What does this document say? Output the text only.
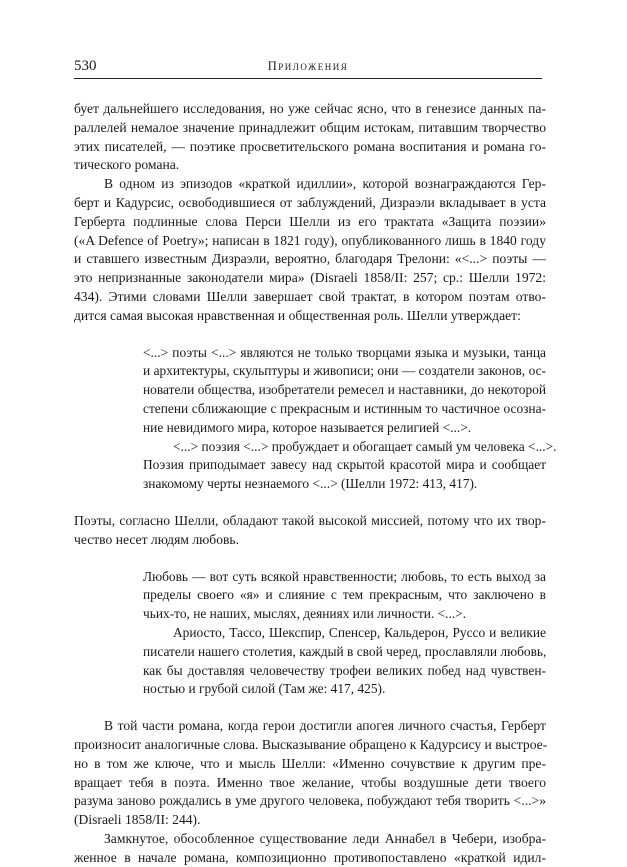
530	Приложения
бует дальнейшего исследования, но уже сейчас ясно, что в генезисе данных па-
раллелей немалое значение принадлежит общим истокам, питавшим творчество
этих писателей, — поэтике просветительского романа воспитания и романа го-
тического романа.
В одном из эпизодов «краткой идиллии», которой вознаграждаются Гер-
берт и Кадурсис, освободившиеся от заблуждений, Дизраэли вкладывает в уста
Герберта подлинные слова Перси Шелли из его трактата «Защита поэзии»
(«A Defence of Poetry»; написан в 1821 году), опубликованного лишь в 1840 году
и ставшего известным Дизраэли, вероятно, благодаря Трелони: «<...> поэты —
это непризнанные законодатели мира» (Disraeli 1858/II: 257; ср.: Шелли 1972:
434). Этими словами Шелли завершает свой трактат, в котором поэтам отво-
дится самая высокая нравственная и общественная роль. Шелли утверждает:
<...> поэты <...> являются не только творцами языка и музыки, танца
и архитектуры, скульптуры и живописи; они — создатели законов, ос-
нователи общества, изобретатели ремесел и наставники, до некоторой
степени сближающие с прекрасным и истинным то частичное осозна-
ние невидимого мира, которое называется религией <...>.
<...> поэзия <...> пробуждает и обогащает самый ум человека <...>.
Поэзия приподымает завесу над скрытой красотой мира и сообщает
знакомому черты незнаемого <...> (Шелли 1972: 413, 417).
Поэты, согласно Шелли, обладают такой высокой миссией, потому что их твор-
чество несет людям любовь.
Любовь — вот суть всякой нравственности; любовь, то есть выход за
пределы своего «я» и слияние с тем прекрасным, что заключено в
чьих-то, не наших, мыслях, деяниях или личности. <...>.
Ариосто, Тассо, Шекспир, Спенсер, Кальдерон, Руссо и великие
писатели нашего столетия, каждый в свой черед, прославляли любовь,
как бы доставляя человечеству трофеи великих побед над чувствен-
ностью и грубой силой (Там же: 417, 425).
В той части романа, когда герои достигли апогея личного счастья, Герберт
произносит аналогичные слова. Высказывание обращено к Кадурсису и выстрое-
но в том же ключе, что и мысль Шелли: «Именно сочувствие к другим пре-
вращает тебя в поэта. Именно твое желание, чтобы воздушные дети твоего
разума заново рождались в уме другого человека, побуждают тебя творить <...>»
(Disraeli 1858/II: 244).
Замкнутое, обособленное существование леди Аннабел в Чебери, изобра-
женное в начале романа, композиционно противопоставлено «краткой идил-
